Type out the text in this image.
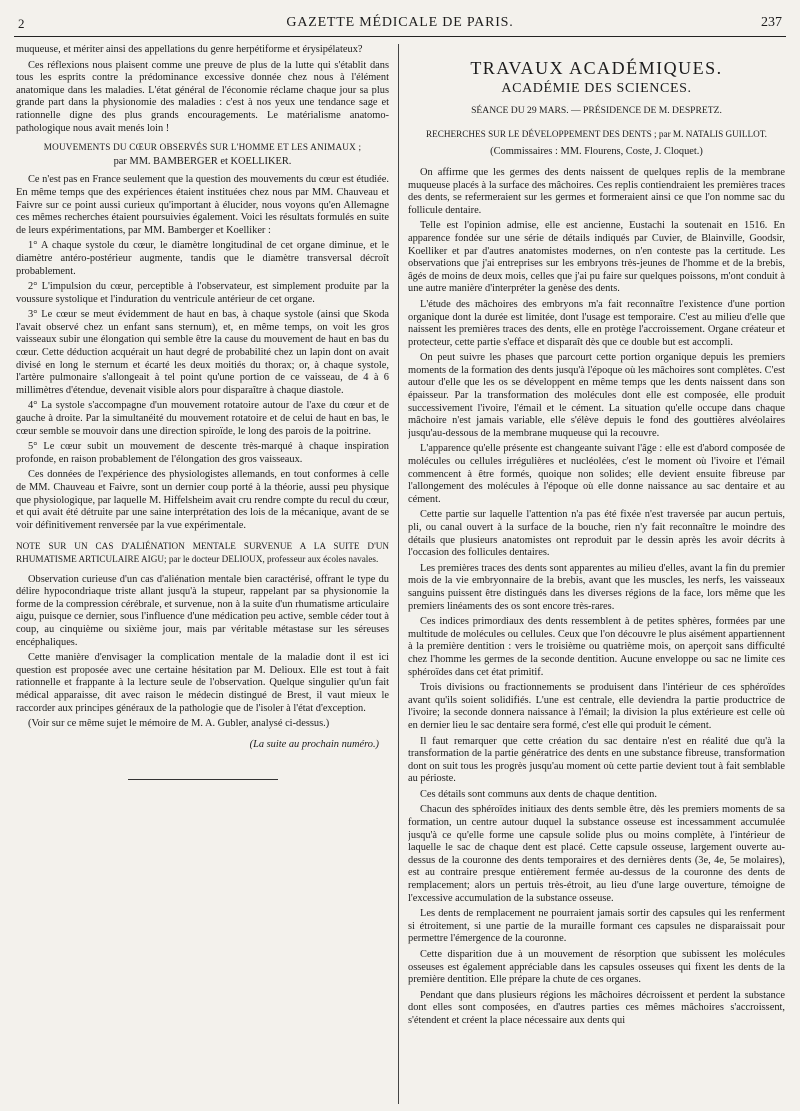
2	GAZETTE MÉDICALE DE PARIS.	237

muqueuse, et mériter ainsi des appellations du genre herpétiforme et érysipélateux?

Ces réflexions nous plaisent comme une preuve de plus de la lutte qui s'établit dans tous les esprits contre la prédominance excessive donnée chez nous à l'élément anatomique dans les maladies. L'état général de l'économie réclame chaque jour sa plus grande part dans la physionomie des maladies : c'est à nos yeux une tendance sage et rationnelle digne des plus grands encouragements. Le matérialisme anatomo-pathologique nous avait menés loin !

MOUVEMENTS DU CŒUR OBSERVÉS SUR L'HOMME ET LES ANIMAUX ;
par MM. BAMBERGER et KOELLIKER.

Ce n'est pas en France seulement que la question des mouvements du cœur est étudiée. En même temps que des expériences étaient instituées chez nous par MM. Chauveau et Faivre sur ce point aussi curieux qu'important à élucider, nous voyons qu'en Allemagne ces mêmes recherches étaient poursuivies également. Voici les résultats formulés en suite de leurs expérimentations, par MM. Bamberger et Koelliker :

1° A chaque systole du cœur, le diamètre longitudinal de cet organe diminue, et le diamètre antéro-postérieur augmente, tandis que le diamètre transversal décroît probablement.

2° L'impulsion du cœur, perceptible à l'observateur, est simplement produite par la voussure systolique et l'induration du ventricule antérieur de cet organe.

3° Le cœur se meut évidemment de haut en bas, à chaque systole (ainsi que Skoda l'avait observé chez un enfant sans sternum), et, en même temps, on voit les gros vaisseaux subir une élongation qui semble être la cause du mouvement de haut en bas du cœur. Cette déduction acquérait un haut degré de probabilité chez un lapin dont on avait divisé en long le sternum et écarté les deux moitiés du thorax; or, à chaque systole, l'artère pulmonaire s'allongeait à tel point qu'une portion de ce vaisseau, de 4 à 6 millimètres d'étendue, devenait visible alors pour disparaître à chaque diastole.

4° La systole s'accompagne d'un mouvement rotatoire autour de l'axe du cœur et de gauche à droite. Par la simultanéité du mouvement rotatoire et de celui de haut en bas, le cœur semble se mouvoir dans une direction spiroïde, le long des parois de la poitrine.

5° Le cœur subit un mouvement de descente très-marqué à chaque inspiration profonde, en raison probablement de l'élongation des gros vaisseaux.

Ces données de l'expérience des physiologistes allemands, en tout conformes à celle de MM. Chauveau et Faivre, sont un dernier coup porté à la théorie, aussi peu physique que physiologique, par laquelle M. Hiffelsheim avait cru rendre compte du recul du cœur, et qui avait été détruite par une saine interprétation des lois de la mécanique, avant de se voir définitivement renversée par la vue expérimentale.

NOTE SUR UN CAS D'ALIÉNATION MENTALE SURVENUE A LA SUITE D'UN RHUMATISME ARTICULAIRE AIGU; par le docteur DELIOUX, professeur aux écoles navales.

Observation curieuse d'un cas d'aliénation mentale bien caractérisé, offrant le type du délire hypocondriaque triste allant jusqu'à la stupeur, rappelant par sa physionomie la forme de la compression cérébrale, et survenue, non à la suite d'un rhumatisme articulaire aigu, puisque ce dernier, sous l'influence d'une médication peu active, semble céder tout à coup, au cinquième ou sixième jour, mais par véritable métastase sur les séreuses encéphaliques.

Cette manière d'envisager la complication mentale de la maladie dont il est ici question est proposée avec une certaine hésitation par M. Delioux. Elle est tout à fait rationnelle et frappante à la lecture seule de l'observation. Quelque singulier qu'un fait médical apparaisse, dit avec raison le médecin distingué de Brest, il vaut mieux le raccorder aux principes généraux de la pathologie que de l'isoler à l'état d'exception.

(Voir sur ce même sujet le mémoire de M. A. Gubler, analysé ci-dessus.)

(La suite au prochain numéro.)
TRAVAUX ACADÉMIQUES.
ACADÉMIE DES SCIENCES.
SÉANCE DU 29 MARS. — PRÉSIDENCE DE M. DESPRETZ.
RECHERCHES SUR LE DÉVELOPPEMENT DES DENTS ; par M. NATALIS GUILLOT.
(Commissaires : MM. Flourens, Coste, J. Cloquet.)

On affirme que les germes des dents naissent de quelques replis de la membrane muqueuse placés à la surface des mâchoires. Ces replis contiendraient les premières traces des dents, se refermeraient sur les germes et formeraient ainsi ce que l'on nomme sac du follicule dentaire.

Telle est l'opinion admise, elle est ancienne, Eustachi la soutenait en 1516. En apparence fondée sur une série de détails indiqués par Cuvier, de Blainville, Goodsir, Koelliker et par d'autres anatomistes modernes, on n'en conteste pas la certitude. Les observations que j'ai entreprises sur les embryons très-jeunes de l'homme et de la brebis, âgés de moins de deux mois, celles que j'ai pu faire sur quelques poissons, m'ont conduit à une autre manière d'interpréter la genèse des dents.

L'étude des mâchoires des embryons m'a fait reconnaître l'existence d'une portion organique dont la durée est limitée, dont l'usage est temporaire. C'est au milieu d'elle que naissent les premières traces des dents, elle en protège l'accroissement. Organe créateur et protecteur, cette partie s'efface et disparaît dès que ce double but est accompli.

On peut suivre les phases que parcourt cette portion organique depuis les premiers moments de la formation des dents jusqu'à l'époque où les mâchoires sont complètes. C'est autour d'elle que les os se développent en même temps que les dents naissent dans son épaisseur. Par la transformation des molécules dont elle est composée, elle produit successivement l'ivoire, l'émail et le cément. La situation qu'elle occupe dans chaque mâchoire n'est jamais variable, elle s'élève depuis le fond des gouttières alvéolaires jusqu'au-dessous de la membrane muqueuse qui la recouvre.

L'apparence qu'elle présente est changeante suivant l'âge : elle est d'abord composée de molécules ou cellules irrégulières et nucléolées, c'est le moment où l'ivoire et l'émail commencent à être formés, quoique non solides; elle devient ensuite fibreuse par l'allongement des molécules à l'époque où elle donne naissance au sac dentaire et au cément.

Cette partie sur laquelle l'attention n'a pas été fixée n'est traversée par aucun pertuis, pli, ou canal ouvert à la surface de la bouche, rien n'y fait reconnaître le moindre des détails que plusieurs anatomistes ont reproduit par le dessin après les avoir décrits à l'occasion des follicules dentaires.

Les premières traces des dents sont apparentes au milieu d'elles, avant la fin du premier mois de la vie embryonnaire de la brebis, avant que les muscles, les nerfs, les vaisseaux sanguins puissent être distingués dans les diverses régions de la face, lors même que les premiers linéaments des os sont encore très-rares.

Ces indices primordiaux des dents ressemblent à de petites sphères, formées par une multitude de molécules ou cellules. Ceux que l'on découvre le plus aisément appartiennent à la première dentition : vers le troisième ou quatrième mois, on aperçoit sans difficulté chez l'homme les germes de la seconde dentition. Aucune enveloppe ou sac ne limite ces sphéroïdes dans cet état primitif.

Trois divisions ou fractionnements se produisent dans l'intérieur de ces sphéroïdes avant qu'ils soient solidifiés. L'une est centrale, elle deviendra la partie productrice de l'ivoire; la seconde donnera naissance à l'émail; la division la plus extérieure est celle où en dernier lieu le sac dentaire sera formé, c'est elle qui produit le cément.

Il faut remarquer que cette création du sac dentaire n'est en réalité due qu'à la transformation de la partie génératrice des dents en une substance fibreuse, transformation dont on suit tous les progrès jusqu'au moment où cette partie devient tout à fait semblable au périoste.

Ces détails sont communs aux dents de chaque dentition.

Chacun des sphéroïdes initiaux des dents semble être, dès les premiers moments de sa formation, un centre autour duquel la substance osseuse est incessamment accumulée jusqu'à ce qu'elle forme une capsule solide plus ou moins complète, à l'intérieur de laquelle le sac de chaque dent est placé. Cette capsule osseuse, largement ouverte au-dessus de la couronne des dents temporaires et des dernières dents (3e, 4e, 5e molaires), est au contraire presque entièrement fermée au-dessus de la couronne des dents de remplacement; alors un pertuis très-étroit, au lieu d'une large ouverture, témoigne de l'excessive accumulation de la substance osseuse.

Les dents de remplacement ne pourraient jamais sortir des capsules qui les renferment si étroitement, si une partie de la muraille formant ces capsules ne disparaissait pour permettre l'émergence de la couronne.

Cette disparition due à un mouvement de résorption que subissent les molécules osseuses est également appréciable dans les capsules osseuses qui fixent les dents de la première dentition. Elle prépare la chute de ces organes.

Pendant que dans plusieurs régions les mâchoires décroissent et perdent la substance dont elles sont composées, en d'autres parties ces mêmes mâchoires s'accroissent, s'étendent et créent la place nécessaire aux dents qui
